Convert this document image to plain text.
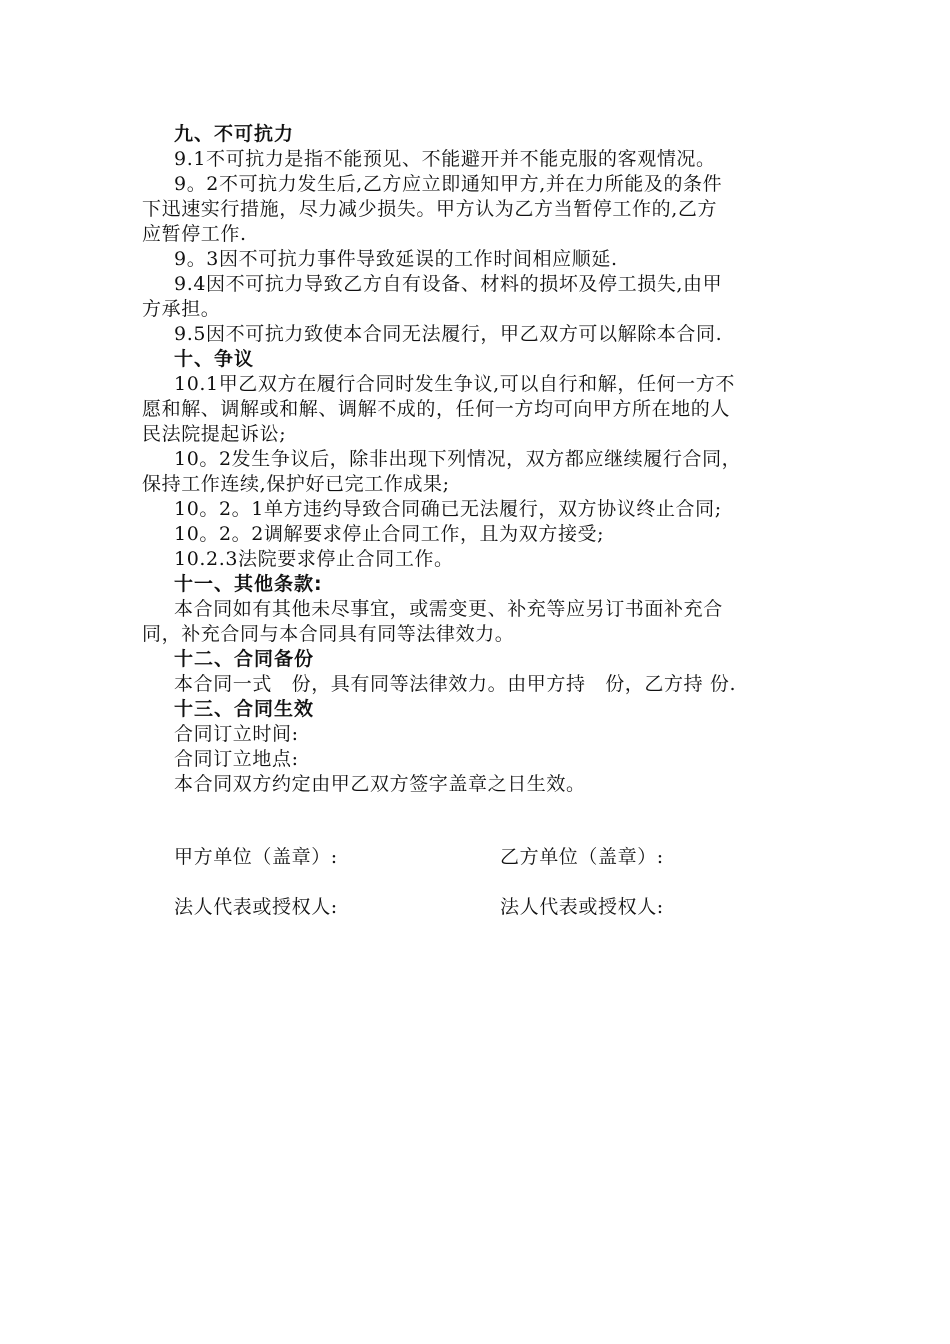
九、不可抗力
9.1不可抗力是指不能预见、不能避开并不能克服的客观情况。
9。2不可抗力发生后,乙方应立即通知甲方,并在力所能及的条件
下迅速实行措施，尽力减少损失。甲方认为乙方当暂停工作的,乙方
应暂停工作.
9。3因不可抗力事件导致延误的工作时间相应顺延.
9.4因不可抗力导致乙方自有设备、材料的损坏及停工损失,由甲
方承担。
9.5因不可抗力致使本合同无法履行，甲乙双方可以解除本合同.
十、争议
10.1甲乙双方在履行合同时发生争议,可以自行和解，任何一方不
愿和解、调解或和解、调解不成的，任何一方均可向甲方所在地的人
民法院提起诉讼;
10。2发生争议后，除非出现下列情况，双方都应继续履行合同，
保持工作连续,保护好已完工作成果;
10。2。1单方违约导致合同确已无法履行，双方协议终止合同;
10。2。2调解要求停止合同工作，且为双方接受;
10.2.3法院要求停止合同工作。
十一、其他条款:
本合同如有其他未尽事宜，或需变更、补充等应另订书面补充合
同，补充合同与本合同具有同等法律效力。
十二、合同备份
本合同一式　份，具有同等法律效力。由甲方持　份，乙方持 份.
十三、合同生效
合同订立时间:
合同订立地点:
本合同双方约定由甲乙双方签字盖章之日生效。
甲方单位（盖章）:	乙方单位（盖章）:
法人代表或授权人:	法人代表或授权人:
